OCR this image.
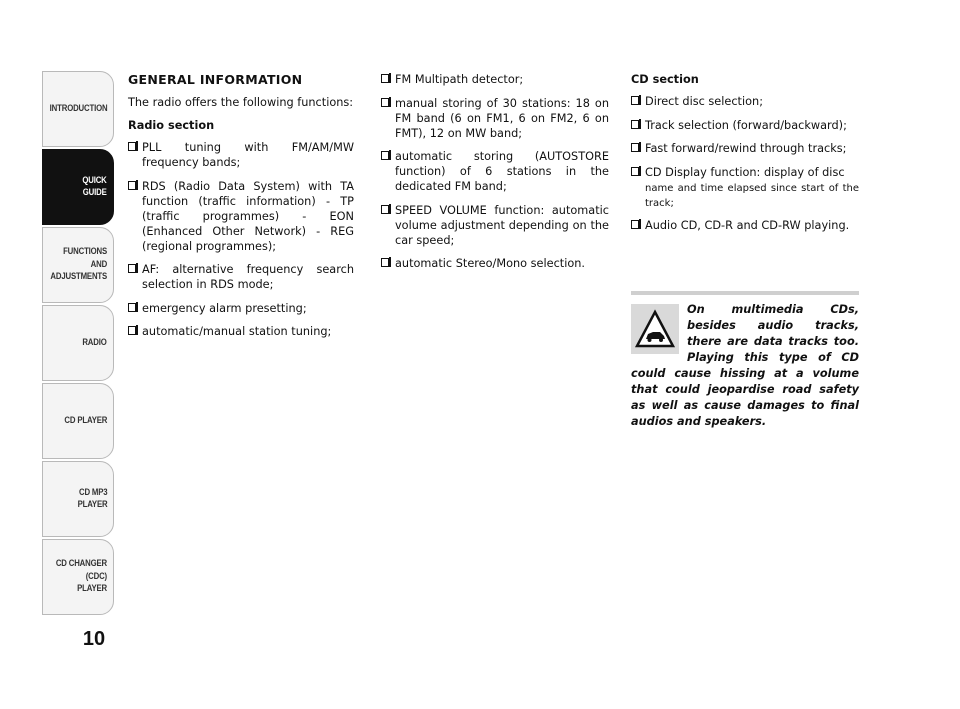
INTRODUCTION
QUICK
GUIDE
FUNCTIONS
AND
ADJUSTMENTS
RADIO
CD PLAYER
CD MP3
PLAYER
CD CHANGER
(CDC) PLAYER
10
GENERAL INFORMATION
The radio offers the following functions:
Radio section
PLL tuning with FM/AM/MW frequency bands;
RDS (Radio Data System) with TA function (traffic information) - TP (traffic programmes) - EON (Enhanced Other Network) - REG (regional programmes);
AF: alternative frequency search selection in RDS mode;
emergency alarm presetting;
automatic/manual station tuning;
FM Multipath detector;
manual storing of 30 stations: 18 on FM band (6 on FM1, 6 on FM2, 6 on FMT), 12 on MW band;
automatic storing (AUTOSTORE function) of 6 stations in the dedicated FM band;
SPEED VOLUME function: automatic volume adjustment depending on the car speed;
automatic Stereo/Mono selection.
CD section
Direct disc selection;
Track selection (forward/backward);
Fast forward/rewind through tracks;
CD Display function: display of disc
name and time elapsed since start of the track;
Audio CD, CD-R and CD-RW playing.
On multimedia CDs, besides audio tracks, there are data tracks too. Playing this type of CD could cause hissing at a volume that could jeopardise road safety as well as cause damages to final audios and speakers.
